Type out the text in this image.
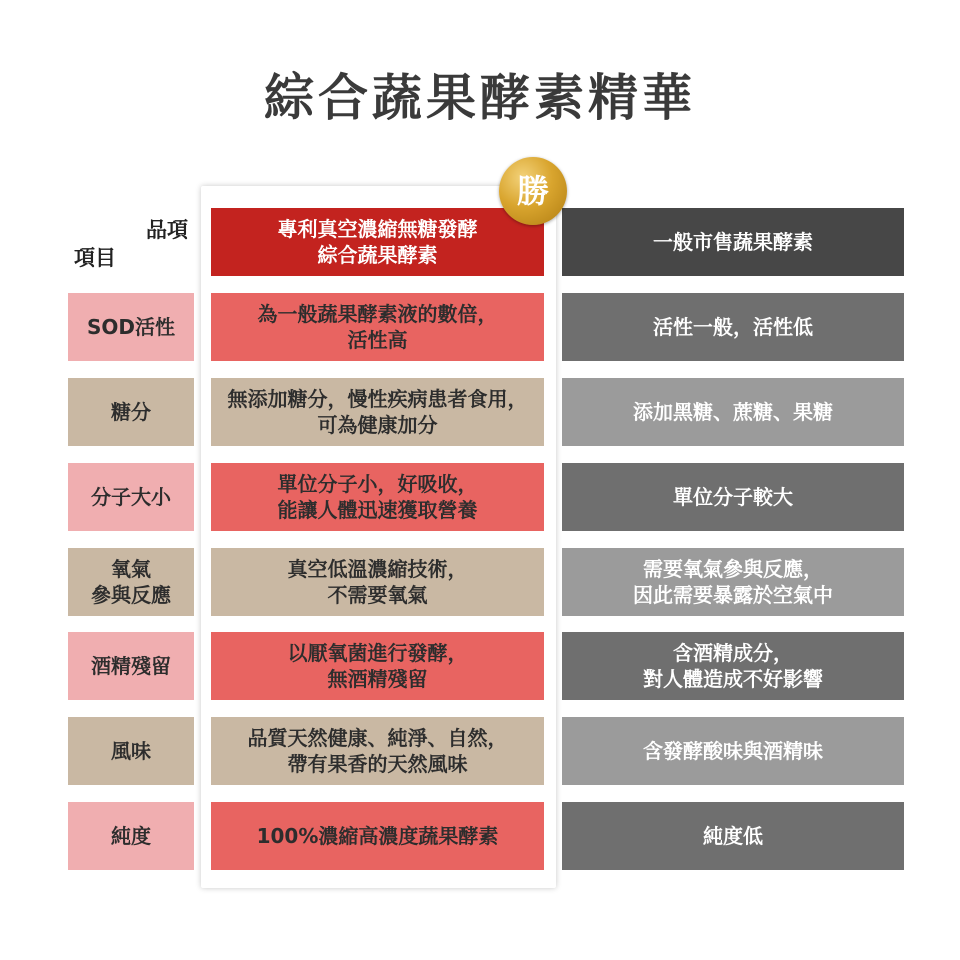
綜合蔬果酵素精華
品項
項目
專利真空濃縮無糖發酵
綜合蔬果酵素
一般市售蔬果酵素
勝
SOD活性
為一般蔬果酵素液的數倍，
活性高
活性一般，活性低
糖分
無添加糖分，慢性疾病患者食用，
可為健康加分
添加黑糖、蔗糖、果糖
分子大小
單位分子小，好吸收，
能讓人體迅速獲取營養
單位分子較大
氧氣
參與反應
真空低溫濃縮技術，
不需要氧氣
需要氧氣參與反應，
因此需要暴露於空氣中
酒精殘留
以厭氧菌進行發酵，
無酒精殘留
含酒精成分，
對人體造成不好影響
風味
品質天然健康、純淨、自然，
帶有果香的天然風味
含發酵酸味與酒精味
純度	100%濃縮高濃度蔬果酵素	純度低
